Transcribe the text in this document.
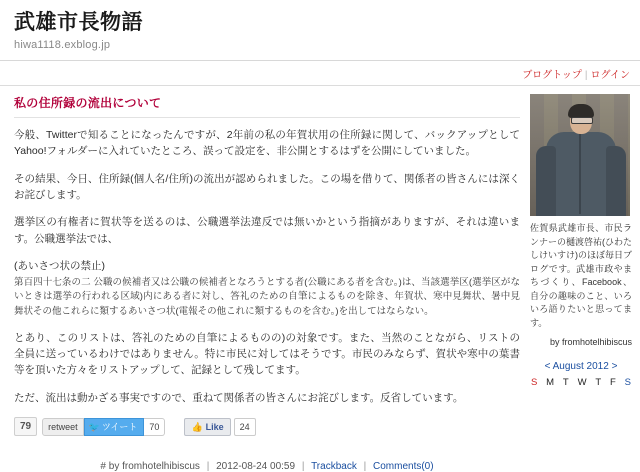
武雄市長物語

hiwa1118.exblog.jp

ブログトップ | ログイン
私の住所録の流出について

今般、Twitterで知ることになったんですが、2年前の私の年賀状用の住所録に関して、バックアップとしてYahoo!フォルダーに入れていたところ、誤って設定を、非公開とするはずを公開にしていました。

その結果、今日、住所録(個人名/住所)の流出が認められました。この場を借りて、関係者の皆さんには深くお詫びします。

選挙区の有権者に賀状等を送るのは、公職選挙法違反では無いかという指摘がありますが、それは違います。公職選挙法では、

(あいさつ状の禁止)

第百四十七条の二 公職の候補者又は公職の候補者となろうとする者(公職にある者を含む。)は、当該選挙区(選挙区がないときは選挙の行われる区域)内にある者に対し、答礼のための自筆によるものを除き、年賀状、寒中見舞状、暑中見舞状その他これらに類するあいさつ状(電報その他これに類するものを含む。)を出してはならない。

とあり、このリストは、答礼のための自筆によるものの)の対象です。また、当然のことながら、リストの全員に送っているわけではありません。特に市民に対してはそうです。市民のみならず、賀状や寒中の葉書等を頂いた方々をリストアップして、記録として残してます。

ただ、流出は動かざる事実ですので、重ねて関係者の皆さんにお詫びします。反省しています。

79	retweet	🐦 ツイート	70	👍 Like	24
# by fromhotelhibiscus | 2012-08-24 00:59 | Trackback | Comments(0)

佐賀県武雄市長、市民ランナーの樋渡啓祐(ひわたしけいすけ)のほぼ毎日ブログです。武雄市政やまちづくり、Facebook、自分の趣味のこと、いろいろ語りたいと思ってます。

by fromhotelhibiscus

< August 2012 >
S M T W T F S
